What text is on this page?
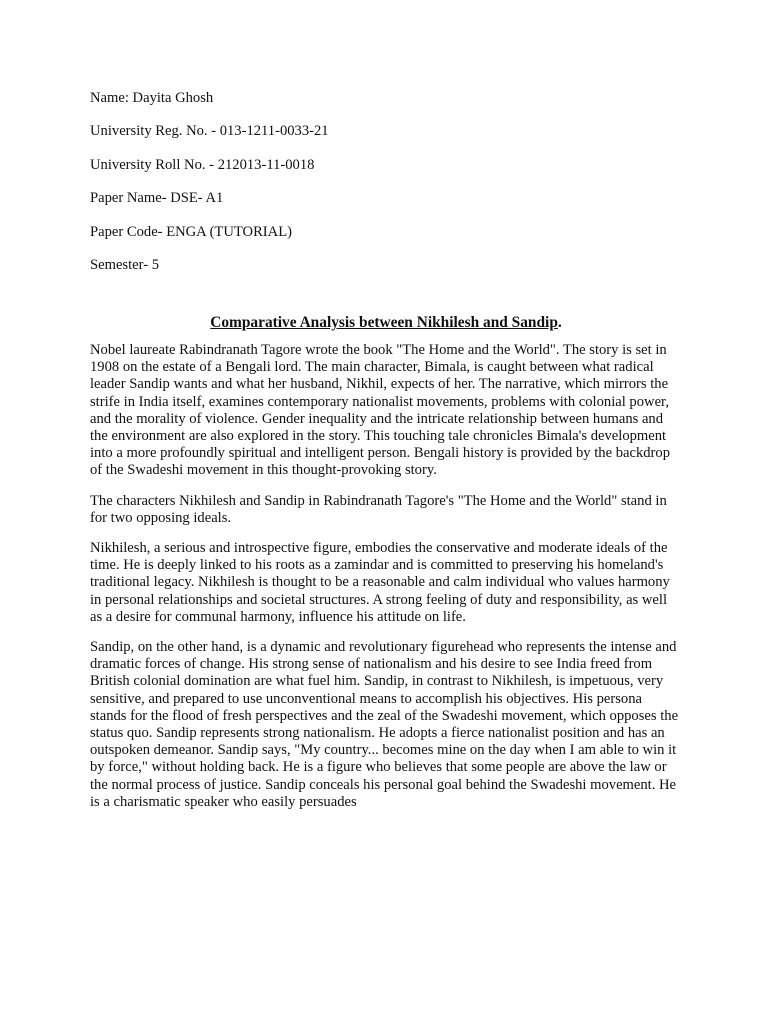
Name: Dayita Ghosh
University Reg. No. - 013-1211-0033-21
University Roll No. - 212013-11-0018
Paper Name- DSE- A1
Paper Code- ENGA (TUTORIAL)
Semester- 5
Comparative Analysis between Nikhilesh and Sandip.

Nobel laureate Rabindranath Tagore wrote the book "The Home and the World". The story is set in 1908 on the estate of a Bengali lord. The main character, Bimala, is caught between what radical leader Sandip wants and what her husband, Nikhil, expects of her. The narrative, which mirrors the strife in India itself, examines contemporary nationalist movements, problems with colonial power, and the morality of violence. Gender inequality and the intricate relationship between humans and the environment are also explored in the story. This touching tale chronicles Bimala's development into a more profoundly spiritual and intelligent person. Bengali history is provided by the backdrop of the Swadeshi movement in this thought-provoking story.

The characters Nikhilesh and Sandip in Rabindranath Tagore's "The Home and the World" stand in for two opposing ideals.

Nikhilesh, a serious and introspective figure, embodies the conservative and moderate ideals of the time. He is deeply linked to his roots as a zamindar and is committed to preserving his homeland's traditional legacy. Nikhilesh is thought to be a reasonable and calm individual who values harmony in personal relationships and societal structures. A strong feeling of duty and responsibility, as well as a desire for communal harmony, influence his attitude on life.

Sandip, on the other hand, is a dynamic and revolutionary figurehead who represents the intense and dramatic forces of change. His strong sense of nationalism and his desire to see India freed from British colonial domination are what fuel him. Sandip, in contrast to Nikhilesh, is impetuous, very sensitive, and prepared to use unconventional means to accomplish his objectives. His persona stands for the flood of fresh perspectives and the zeal of the Swadeshi movement, which opposes the status quo. Sandip represents strong nationalism. He adopts a fierce nationalist position and has an outspoken demeanor. Sandip says, "My country... becomes mine on the day when I am able to win it by force," without holding back. He is a figure who believes that some people are above the law or the normal process of justice. Sandip conceals his personal goal behind the Swadeshi movement. He is a charismatic speaker who easily persuades
